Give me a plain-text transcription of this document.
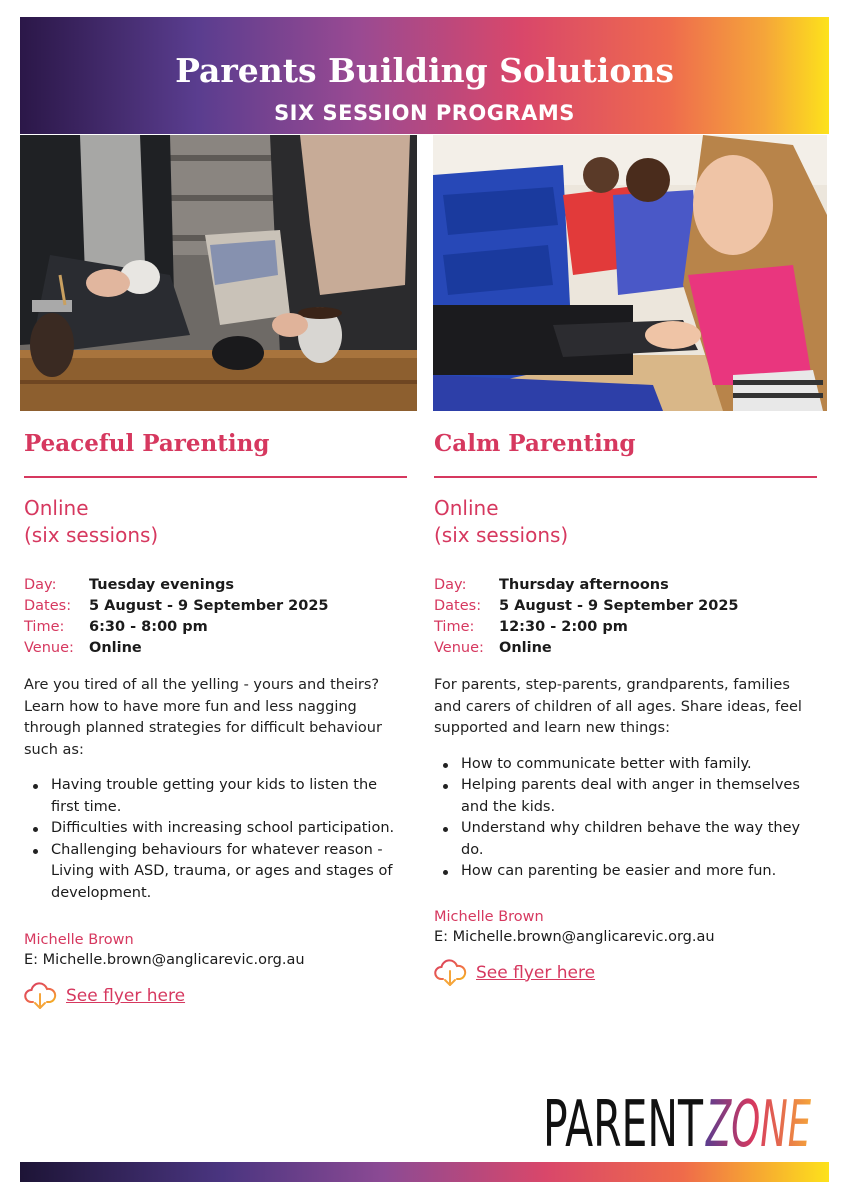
Parents Building Solutions
SIX SESSION PROGRAMS
Peaceful Parenting
Online
(six sessions)
Day:	Tuesday evenings
Dates:	5 August - 9 September 2025
Time:	6:30 - 8:00 pm
Venue:	Online

Are you tired of all the yelling - yours and theirs? Learn how to have more fun and less nagging through planned strategies for difficult behaviour such as:

Having trouble getting your kids to listen the first time.
Difficulties with increasing school participation.
Challenging behaviours for whatever reason - Living with ASD, trauma, or ages and stages of development.
Michelle Brown
E: Michelle.brown@anglicarevic.org.au
See flyer here
Calm Parenting
Online
(six sessions)
Day:	Thursday afternoons
Dates:	5 August - 9 September 2025
Time:	12:30 - 2:00 pm
Venue:	Online

For parents, step-parents, grandparents, families and carers of children of all ages. Share ideas, feel supported and learn new things:

How to communicate better with family.
Helping parents deal with anger in themselves and the kids.
Understand why children behave the way they do.
How can parenting be easier and more fun.
Michelle Brown
E: Michelle.brown@anglicarevic.org.au
See flyer here
PARENT ZONE
